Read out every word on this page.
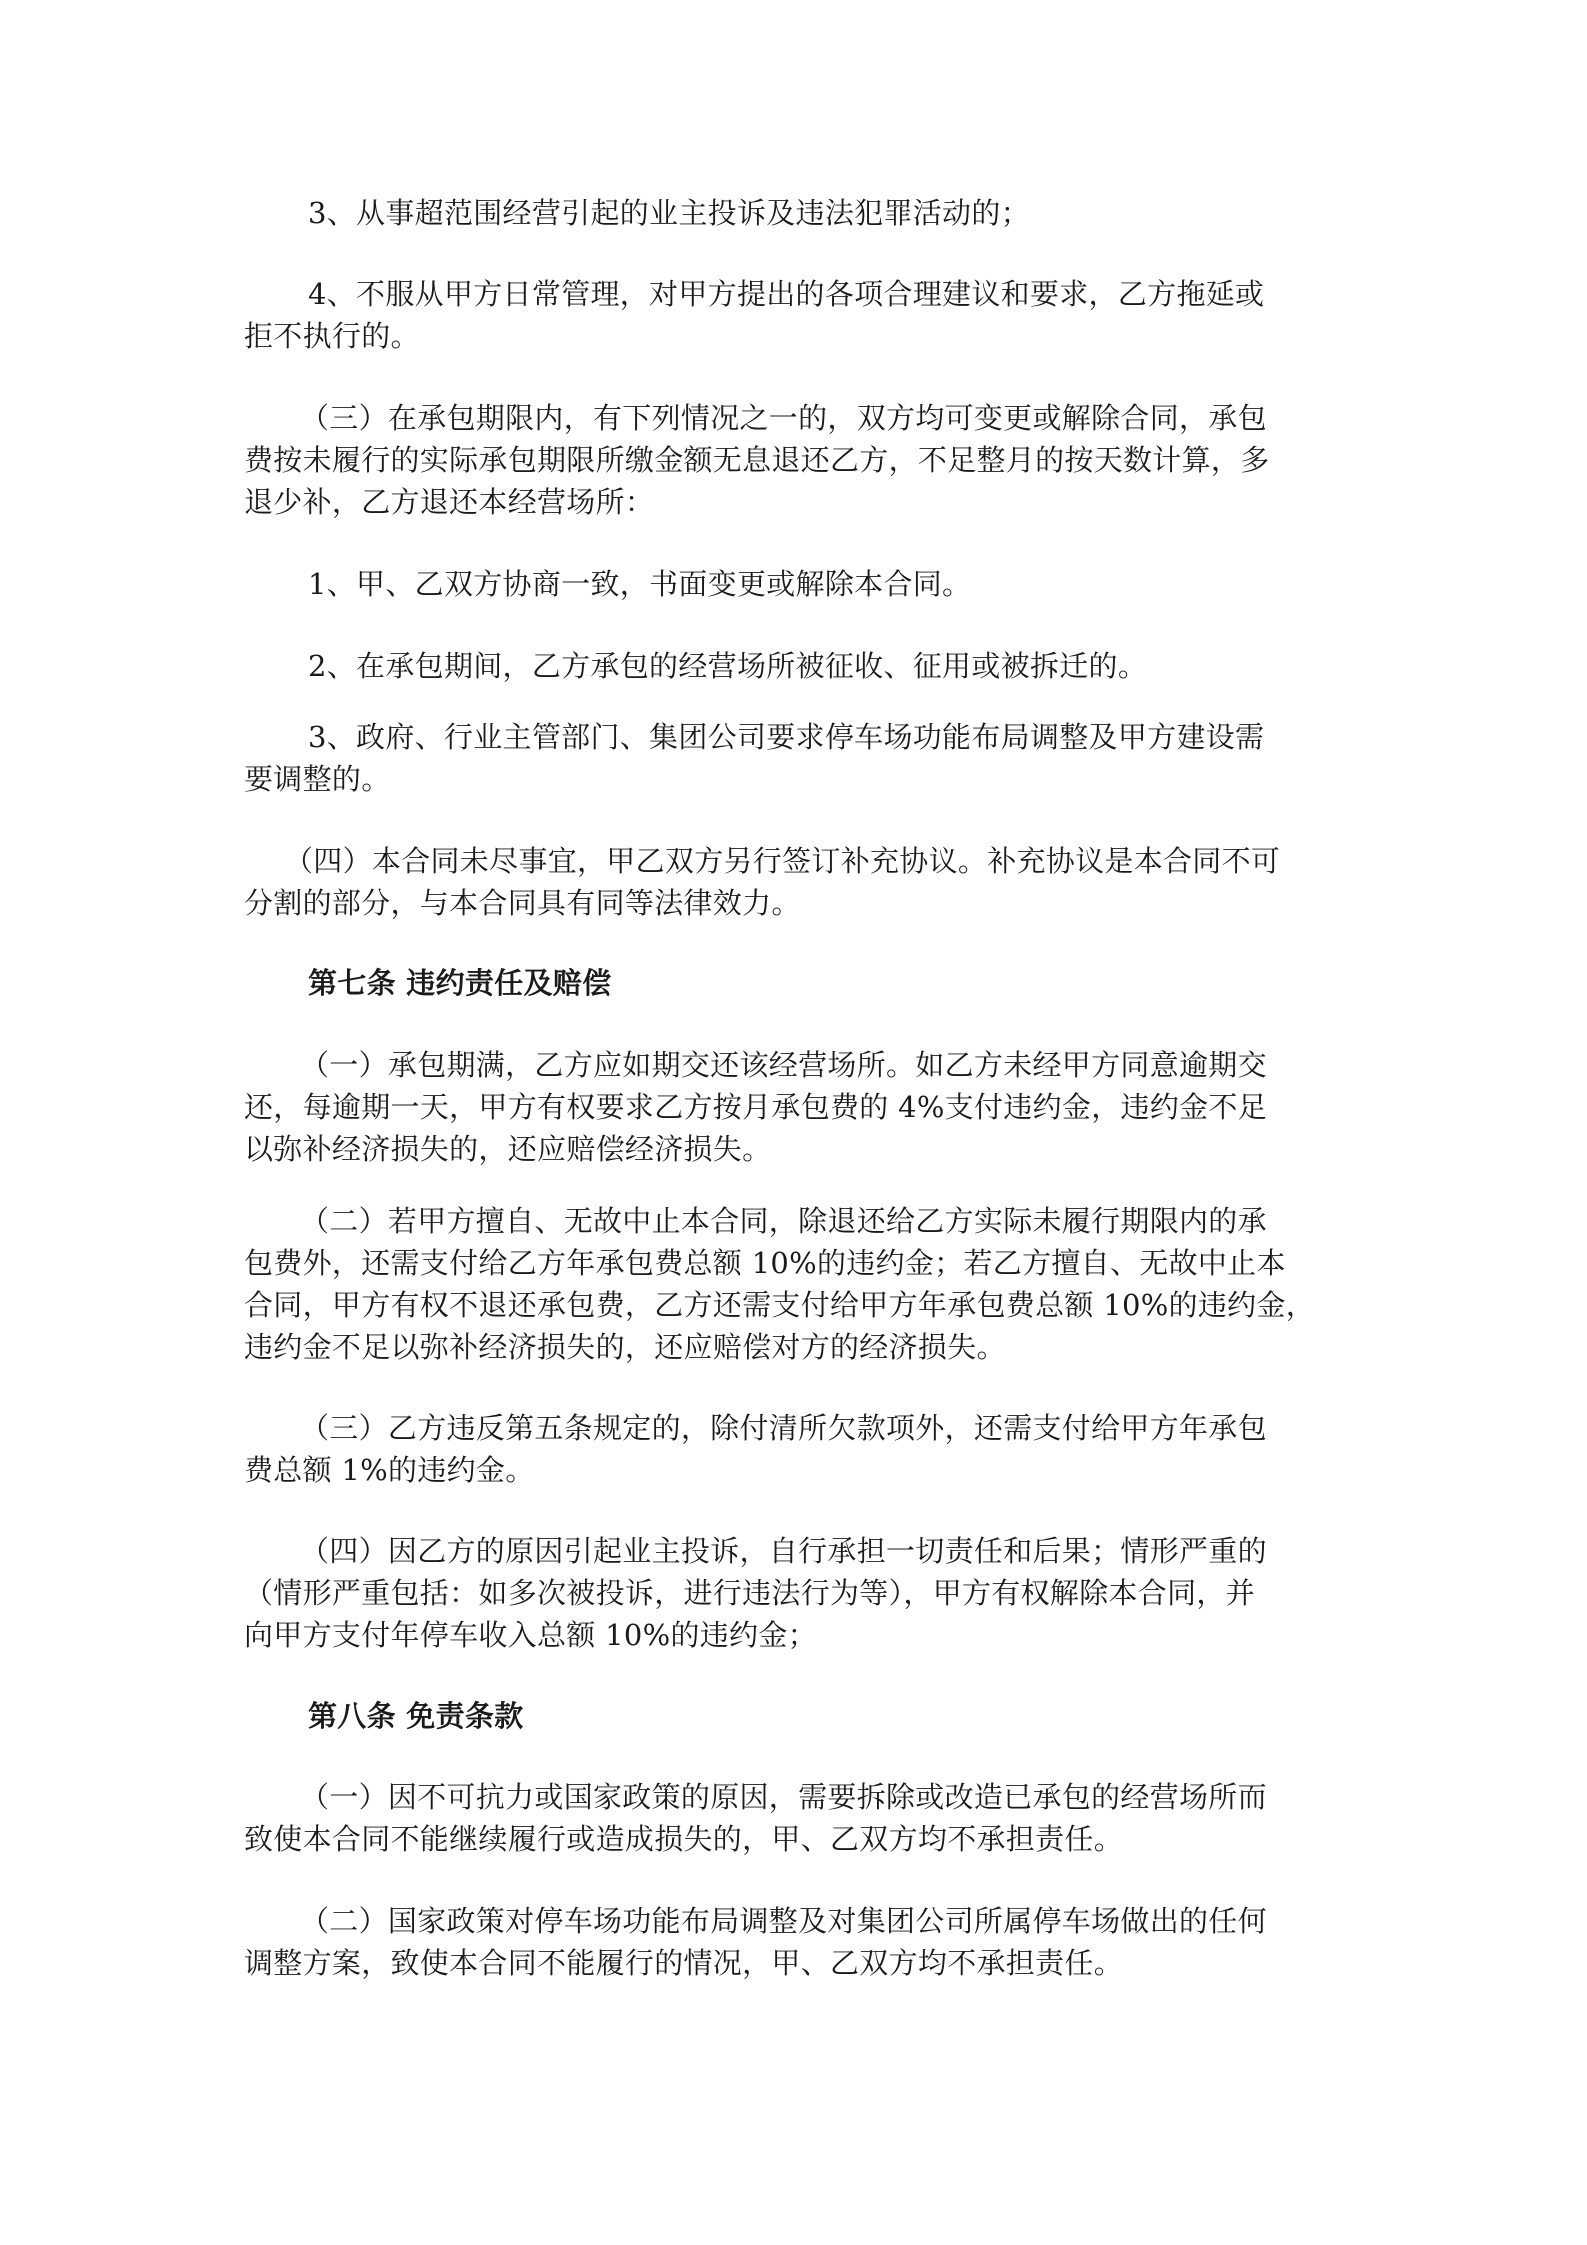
3、从事超范围经营引起的业主投诉及违法犯罪活动的；
4、不服从甲方日常管理，对甲方提出的各项合理建议和要求，乙方拖延或
拒不执行的。
（三）在承包期限内，有下列情况之一的，双方均可变更或解除合同，承包
费按未履行的实际承包期限所缴金额无息退还乙方，不足整月的按天数计算，多
退少补，乙方退还本经营场所：
1、甲、乙双方协商一致，书面变更或解除本合同。
2、在承包期间，乙方承包的经营场所被征收、征用或被拆迁的。
3、政府、行业主管部门、集团公司要求停车场功能布局调整及甲方建设需
要调整的。
（四）本合同未尽事宜，甲乙双方另行签订补充协议。补充协议是本合同不可
分割的部分，与本合同具有同等法律效力。
第七条 违约责任及赔偿
（一）承包期满，乙方应如期交还该经营场所。如乙方未经甲方同意逾期交
还，每逾期一天，甲方有权要求乙方按月承包费的 4%支付违约金，违约金不足
以弥补经济损失的，还应赔偿经济损失。
（二）若甲方擅自、无故中止本合同，除退还给乙方实际未履行期限内的承
包费外，还需支付给乙方年承包费总额 10%的违约金；若乙方擅自、无故中止本
合同，甲方有权不退还承包费，乙方还需支付给甲方年承包费总额 10%的违约金，
违约金不足以弥补经济损失的，还应赔偿对方的经济损失。
（三）乙方违反第五条规定的，除付清所欠款项外，还需支付给甲方年承包
费总额 1%的违约金。
（四）因乙方的原因引起业主投诉，自行承担一切责任和后果；情形严重的
（情形严重包括：如多次被投诉，进行违法行为等），甲方有权解除本合同，并
向甲方支付年停车收入总额 10%的违约金；
第八条 免责条款
（一）因不可抗力或国家政策的原因，需要拆除或改造已承包的经营场所而
致使本合同不能继续履行或造成损失的，甲、乙双方均不承担责任。
（二）国家政策对停车场功能布局调整及对集团公司所属停车场做出的任何
调整方案，致使本合同不能履行的情况，甲、乙双方均不承担责任。
